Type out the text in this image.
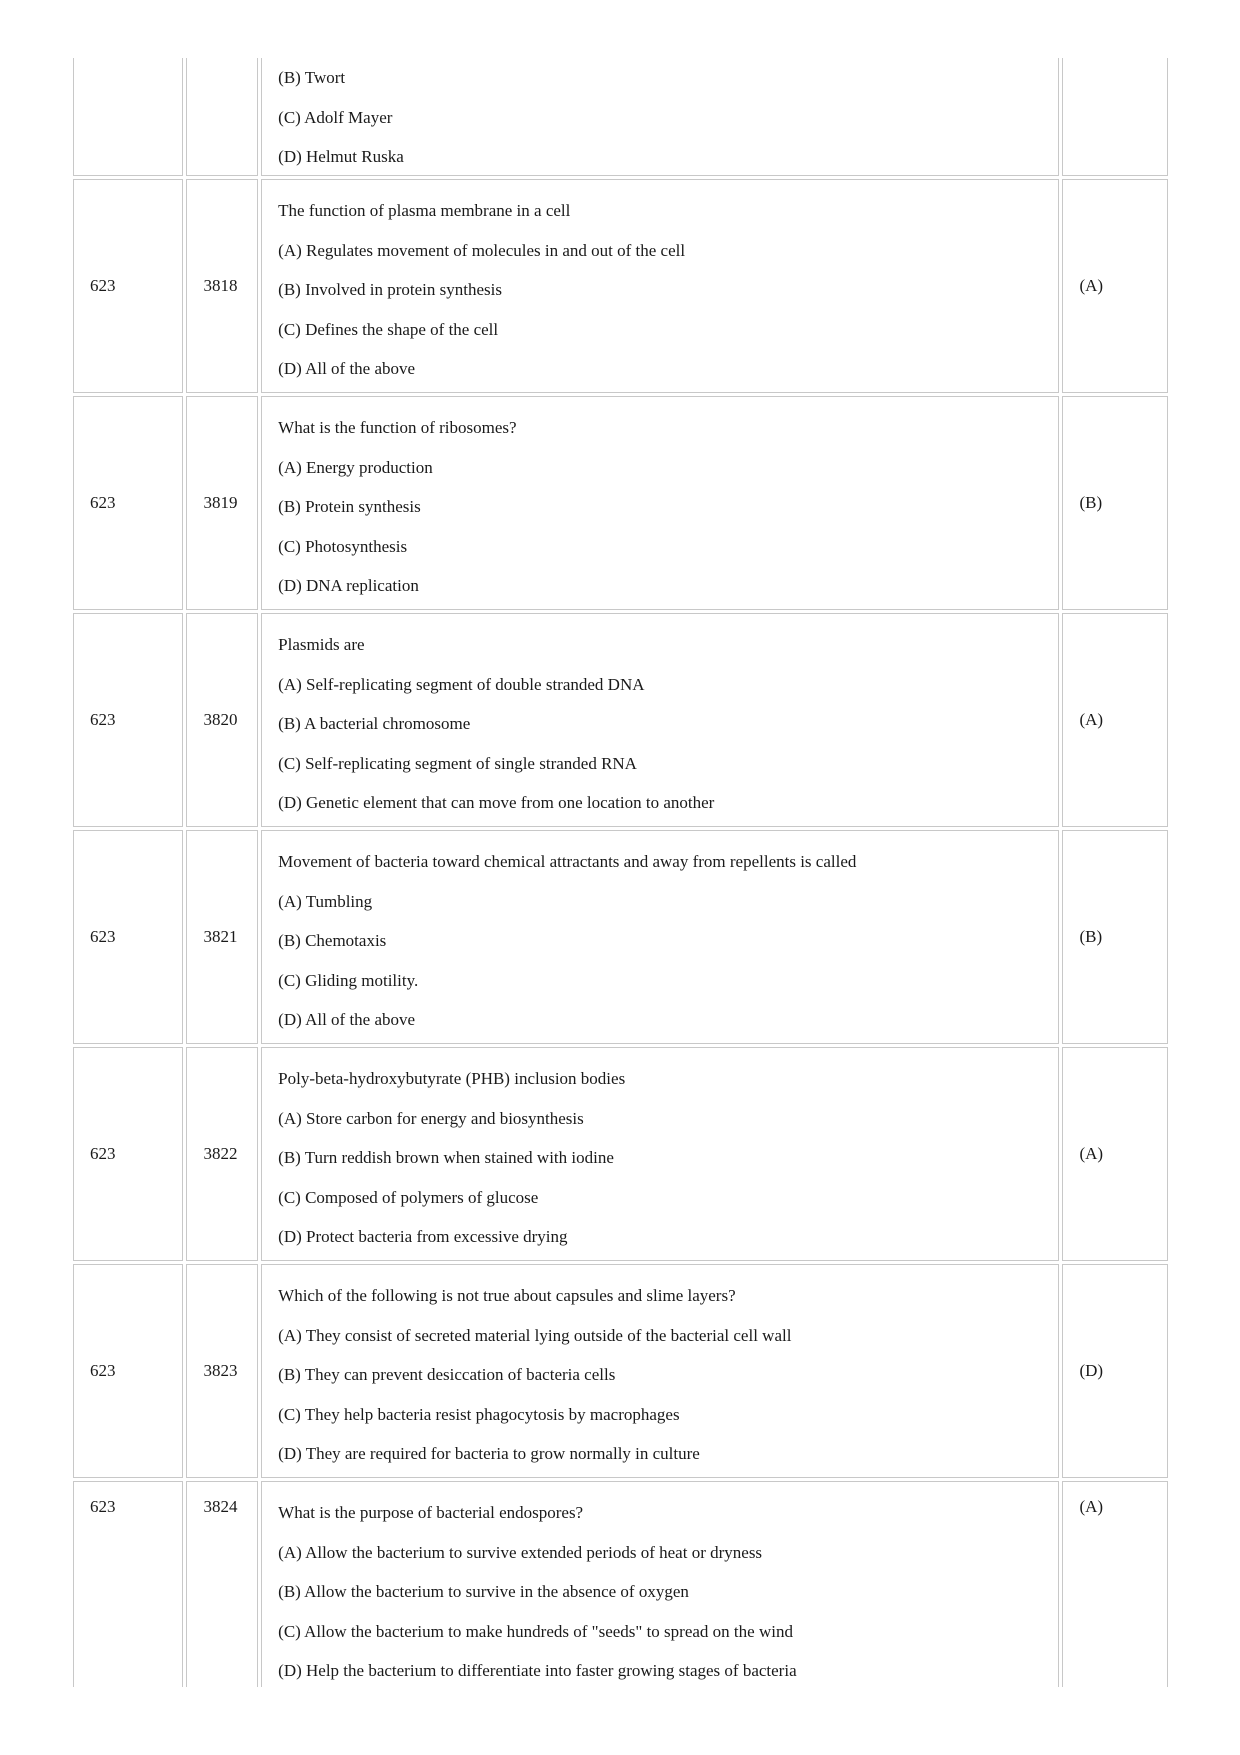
(B) Twort
(C) Adolf Mayer
(D) Helmut Ruska
623	3818
The function of plasma membrane in a cell
(A) Regulates movement of molecules in and out of the cell
(B) Involved in protein synthesis
(C) Defines the shape of the cell
(D) All of the above
(A)
623	3819
What is the function of ribosomes?
(A) Energy production
(B) Protein synthesis
(C) Photosynthesis
(D) DNA replication
(B)
623	3820
Plasmids are
(A) Self-replicating segment of double stranded DNA
(B) A bacterial chromosome
(C) Self-replicating segment of single stranded RNA
(D) Genetic element that can move from one location to another
(A)
623	3821
Movement of bacteria toward chemical attractants and away from repellents is called
(A) Tumbling
(B) Chemotaxis
(C) Gliding motility.
(D) All of the above
(B)
623	3822
Poly-beta-hydroxybutyrate (PHB) inclusion bodies
(A) Store carbon for energy and biosynthesis
(B) Turn reddish brown when stained with iodine
(C) Composed of polymers of glucose
(D) Protect bacteria from excessive drying
(A)
623	3823
Which of the following is not true about capsules and slime layers?
(A) They consist of secreted material lying outside of the bacterial cell wall
(B) They can prevent desiccation of bacteria cells
(C) They help bacteria resist phagocytosis by macrophages
(D) They are required for bacteria to grow normally in culture
(D)
623	3824 What is the purpose of bacterial endospores?
(A) Allow the bacterium to survive extended periods of heat or dryness
(B) Allow the bacterium to survive in the absence of oxygen
(C) Allow the bacterium to make hundreds of "seeds" to spread on the wind
(D) Help the bacterium to differentiate into faster growing stages of bacteria
(A)
